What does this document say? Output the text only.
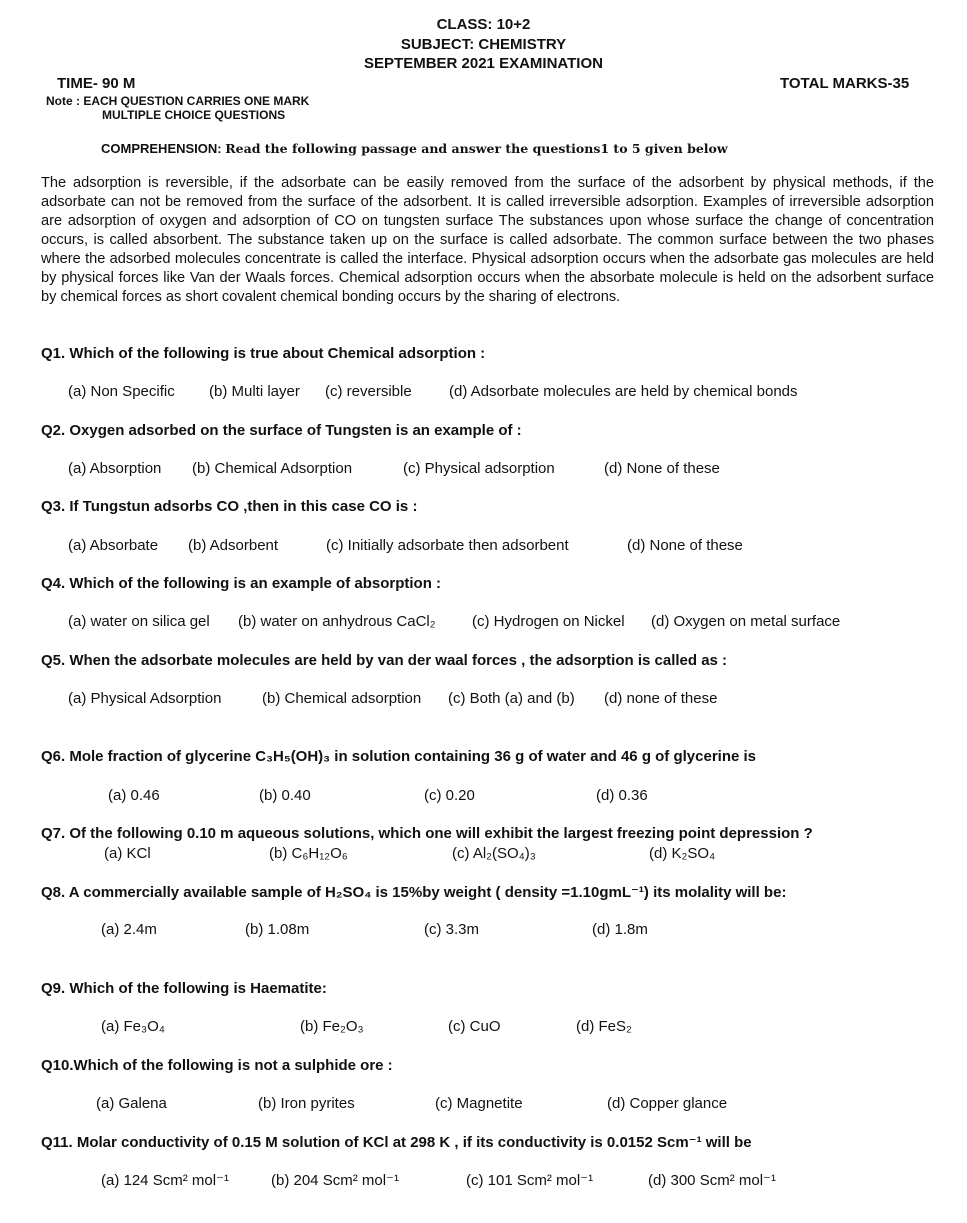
CLASS: 10+2
SUBJECT: CHEMISTRY
SEPTEMBER 2021 EXAMINATION
TIME- 90 M	TOTAL MARKS-35
Note : EACH QUESTION CARRIES ONE MARK
MULTIPLE CHOICE QUESTIONS
COMPREHENSION: Read the following passage and answer the questions1 to 5 given below
The adsorption is reversible, if the adsorbate can be easily removed from the surface of the adsorbent by physical methods, if the adsorbate can not be removed from the surface of the adsorbent. It is called irreversible adsorption. Examples of irreversible adsorption are adsorption of oxygen and adsorption of CO on tungsten surface The substances upon whose surface the change of concentration occurs, is called absorbent. The substance taken up on the surface is called adsorbate. The common surface between the two phases where the adsorbed molecules concentrate is called the interface. Physical adsorption occurs when the adsorbate gas molecules are held by physical forces like Van der Waals forces. Chemical adsorption occurs when the absorbate molecule is held on the adsorbent surface by chemical forces as short covalent chemical bonding occurs by the sharing of electrons.
Q1. Which of the following is true about Chemical adsorption :
(a) Non Specific (b) Multi layer (c) reversible (d) Adsorbate molecules are held by chemical bonds
Q2. Oxygen adsorbed on the surface of Tungsten is an example of :
(a) Absorption (b) Chemical Adsorption	(c) Physical adsorption	(d) None of these
Q3. If Tungstun adsorbs CO ,then in this case CO is :
(a) Absorbate (b) Adsorbent	(c) Initially adsorbate then adsorbent	(d) None of these
Q4. Which of the following is an example of absorption :
(a) water on silica gel (b) water on anhydrous CaCl₂ (c) Hydrogen on Nickel (d) Oxygen on metal surface
Q5. When the adsorbate molecules are held by van der waal forces , the adsorption is called as :
(a) Physical Adsorption	(b) Chemical adsorption (c) Both (a) and (b) (d) none of these
Q6. Mole fraction of glycerine C₃H₅(OH)₃ in solution containing 36 g of water and 46 g of glycerine is
(a) 0.46	(b) 0.40	(c) 0.20	(d) 0.36
Q7. Of the following 0.10 m aqueous solutions, which one will exhibit the largest freezing point depression ?
(a) KCl	(b) C₆H₁₂O₆	(c) Al₂(SO₄)₃	(d) K₂SO₄
Q8. A commercially available sample of H₂SO₄ is 15%by weight ( density =1.10gmL⁻¹) its molality will be:
(a) 2.4m	(b) 1.08m	(c) 3.3m	(d) 1.8m
Q9. Which of the following is Haematite:
(a) Fe₃O₄	(b) Fe₂O₃	(c) CuO	(d) FeS₂
Q10.Which of the following is not a sulphide ore :
(a) Galena	(b) Iron pyrites	(c) Magnetite	(d) Copper glance
Q11. Molar conductivity of 0.15 M solution of KCl at 298 K , if its conductivity is 0.0152 Scm⁻¹ will be
(a) 124 Scm² mol⁻¹	(b) 204 Scm² mol⁻¹	(c) 101 Scm² mol⁻¹	(d) 300 Scm² mol⁻¹
